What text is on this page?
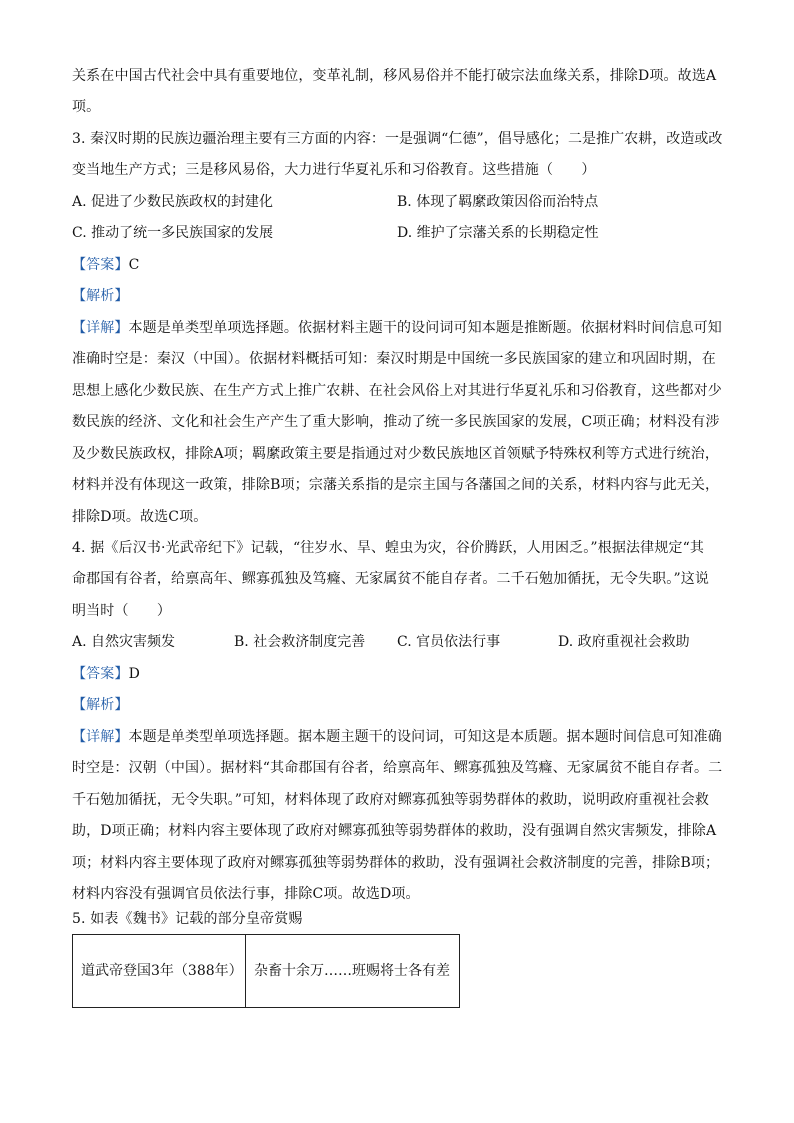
关系在中国古代社会中具有重要地位，变革礼制，移风易俗并不能打破宗法血缘关系，排除D项。故选A
项。
3. 秦汉时期的民族边疆治理主要有三方面的内容：一是强调“仁德”，倡导感化；二是推广农耕，改造或改
变当地生产方式；三是移风易俗，大力进行华夏礼乐和习俗教育。这些措施（　　）
A. 促进了少数民族政权的封建化	B. 体现了羁縻政策因俗而治特点
C. 推动了统一多民族国家的发展	D. 维护了宗藩关系的长期稳定性
【答案】C
【解析】
【详解】本题是单类型单项选择题。依据材料主题干的设问词可知本题是推断题。依据材料时间信息可知
准确时空是：秦汉（中国）。依据材料概括可知：秦汉时期是中国统一多民族国家的建立和巩固时期，在
思想上感化少数民族、在生产方式上推广农耕、在社会风俗上对其进行华夏礼乐和习俗教育，这些都对少
数民族的经济、文化和社会生产产生了重大影响，推动了统一多民族国家的发展，C项正确；材料没有涉
及少数民族政权，排除A项；羁縻政策主要是指通过对少数民族地区首领赋予特殊权利等方式进行统治，
材料并没有体现这一政策，排除B项；宗藩关系指的是宗主国与各藩国之间的关系，材料内容与此无关，
排除D项。故选C项。
4. 据《后汉书·光武帝纪下》记载，“往岁水、旱、蝗虫为灾，谷价腾跃，人用困乏。”根据法律规定“其
命郡国有谷者，给禀高年、鳏寡孤独及笃癃、无家属贫不能自存者。二千石勉加循抚，无令失职。”这说
明当时（　　）
A. 自然灾害频发	B. 社会救济制度完善 C. 官员依法行事	D. 政府重视社会救助
【答案】D
【解析】
【详解】本题是单类型单项选择题。据本题主题干的设问词，可知这是本质题。据本题时间信息可知准确
时空是：汉朝（中国）。据材料“其命郡国有谷者，给禀高年、鳏寡孤独及笃癃、无家属贫不能自存者。二
千石勉加循抚，无令失职。”可知，材料体现了政府对鳏寡孤独等弱势群体的救助，说明政府重视社会救
助，D项正确；材料内容主要体现了政府对鳏寡孤独等弱势群体的救助，没有强调自然灾害频发，排除A
项；材料内容主要体现了政府对鳏寡孤独等弱势群体的救助，没有强调社会救济制度的完善，排除B项；
材料内容没有强调官员依法行事，排除C项。故选D项。
5. 如表《魏书》记载的部分皇帝赏赐
道武帝登国3年（388年）	杂畜十余万……班赐将士各有差
